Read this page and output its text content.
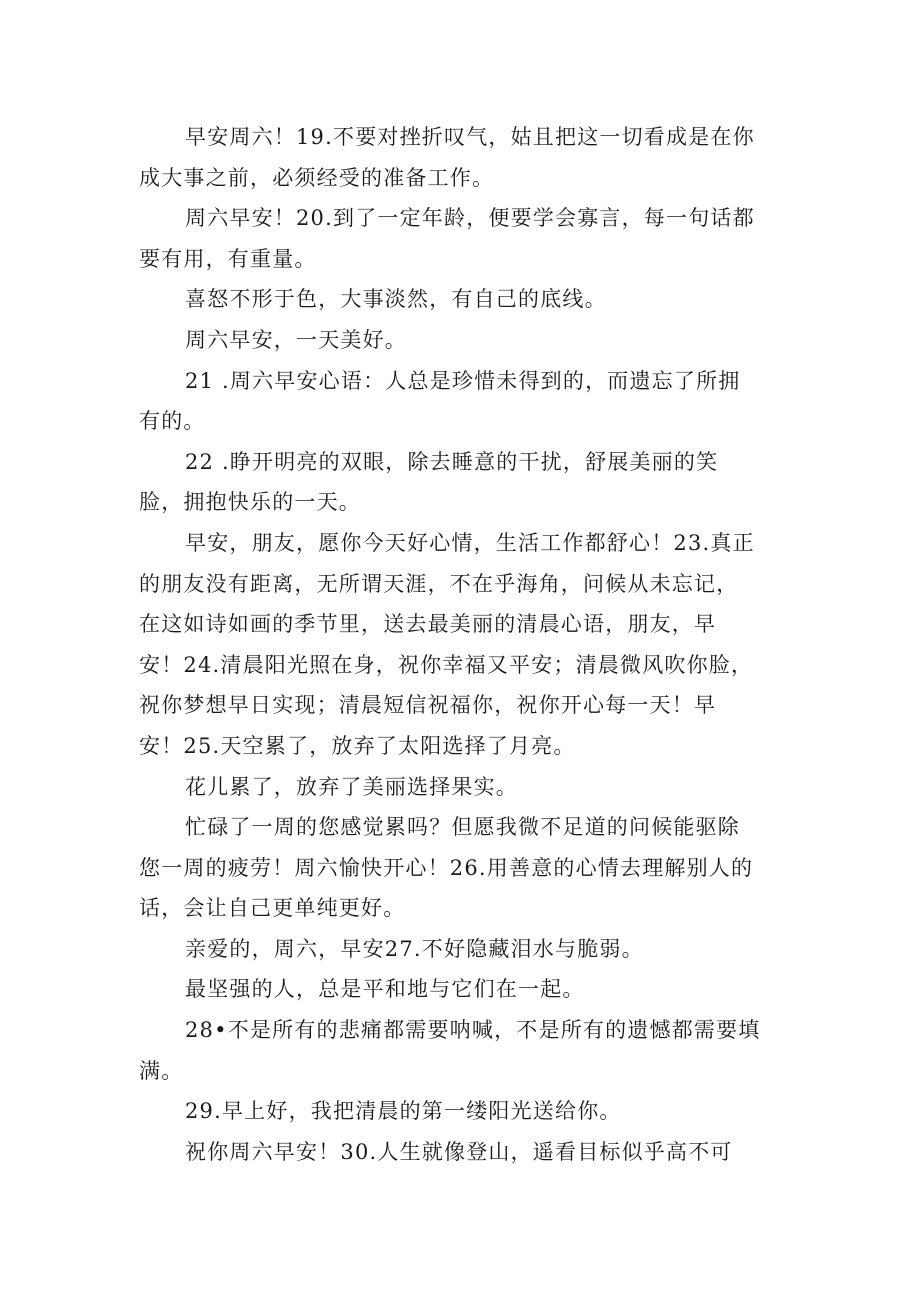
早安周六！19.不要对挫折叹气，姑且把这一切看成是在你
成大事之前，必须经受的准备工作。
周六早安！20.到了一定年龄，便要学会寡言，每一句话都
要有用，有重量。
喜怒不形于色，大事淡然，有自己的底线。
周六早安，一天美好。
21 .周六早安心语：人总是珍惜未得到的，而遗忘了所拥
有的。
22 .睁开明亮的双眼，除去睡意的干扰，舒展美丽的笑
脸，拥抱快乐的一天。
早安，朋友，愿你今天好心情，生活工作都舒心！23.真正
的朋友没有距离，无所谓天涯，不在乎海角，问候从未忘记，
在这如诗如画的季节里，送去最美丽的清晨心语，朋友，早
安！24.清晨阳光照在身，祝你幸福又平安；清晨微风吹你脸，
祝你梦想早日实现；清晨短信祝福你，祝你开心每一天！早
安！25.天空累了，放弃了太阳选择了月亮。
花儿累了，放弃了美丽选择果实。
忙碌了一周的您感觉累吗？但愿我微不足道的问候能驱除
您一周的疲劳！周六愉快开心！26.用善意的心情去理解别人的
话，会让自己更单纯更好。
亲爱的，周六，早安27.不好隐藏泪水与脆弱。
最坚强的人，总是平和地与它们在一起。
28•不是所有的悲痛都需要呐喊，不是所有的遗憾都需要填
满。
29.早上好，我把清晨的第一缕阳光送给你。
祝你周六早安！30.人生就像登山，遥看目标似乎高不可
